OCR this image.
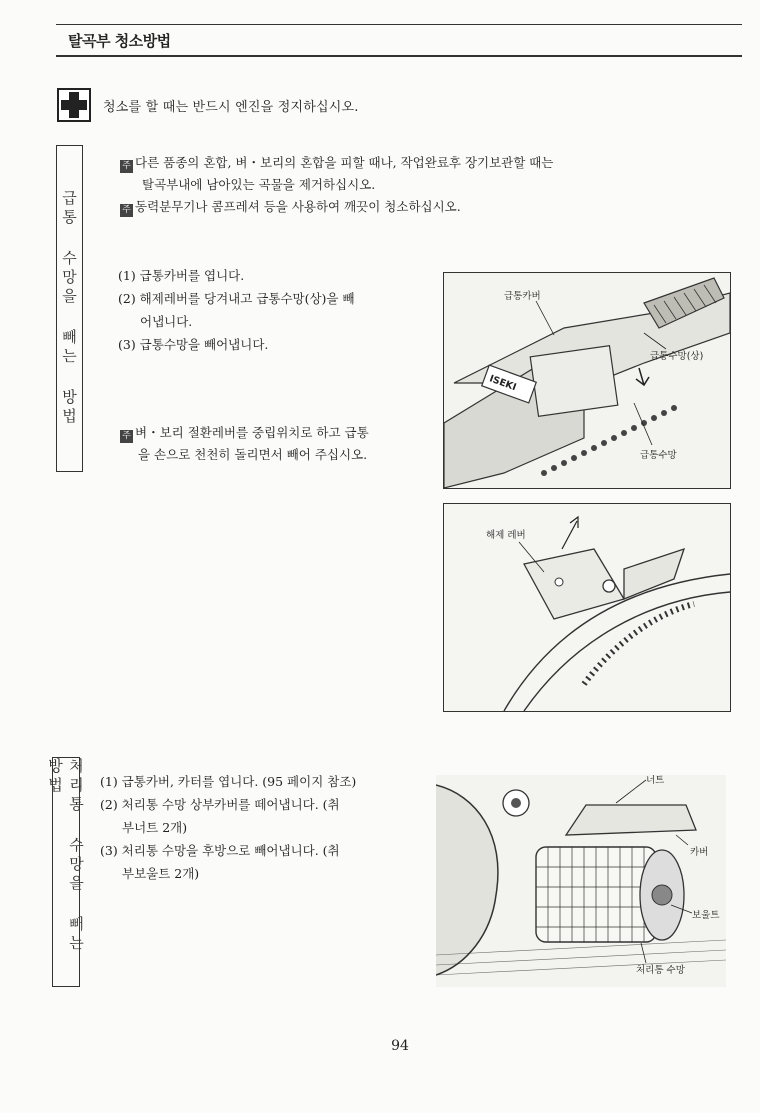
탈곡부 청소방법
청소를 할 때는 반드시 엔진을 정지하십시오.
급통 수망을 빼는 방법
주 다른 품종의 혼합, 벼・보리의 혼합을 피할 때나, 작업완료후 장기보관할 때는
탈곡부내에 남아있는 곡물을 제거하십시오.
주 동력분무기나 콤프레셔 등을 사용하여 깨끗이 청소하십시오.
(1) 급통카버를 엽니다.
(2) 해제레버를 당겨내고 급통수망(상)을 빼
어냅니다.
(3) 급통수망을 빼어냅니다.
주 벼・보리 절환레버를 중립위치로 하고 급통
을 손으로 천천히 돌리면서 빼어 주십시오.
ISEKI
급통카버
급통수망(상)
급통수망
해제 레버
처리통 수망을 빼는 방법	(1) 급통카버, 카터를 엽니다. (95 페이지 참조)
(2) 처리통 수망 상부카버를 떼어냅니다. (취
부너트 2개)
(3) 처리통 수망을 후방으로 빼어냅니다. (취
부보울트 2개)
너트
카버
보울트
처리통 수망
94
